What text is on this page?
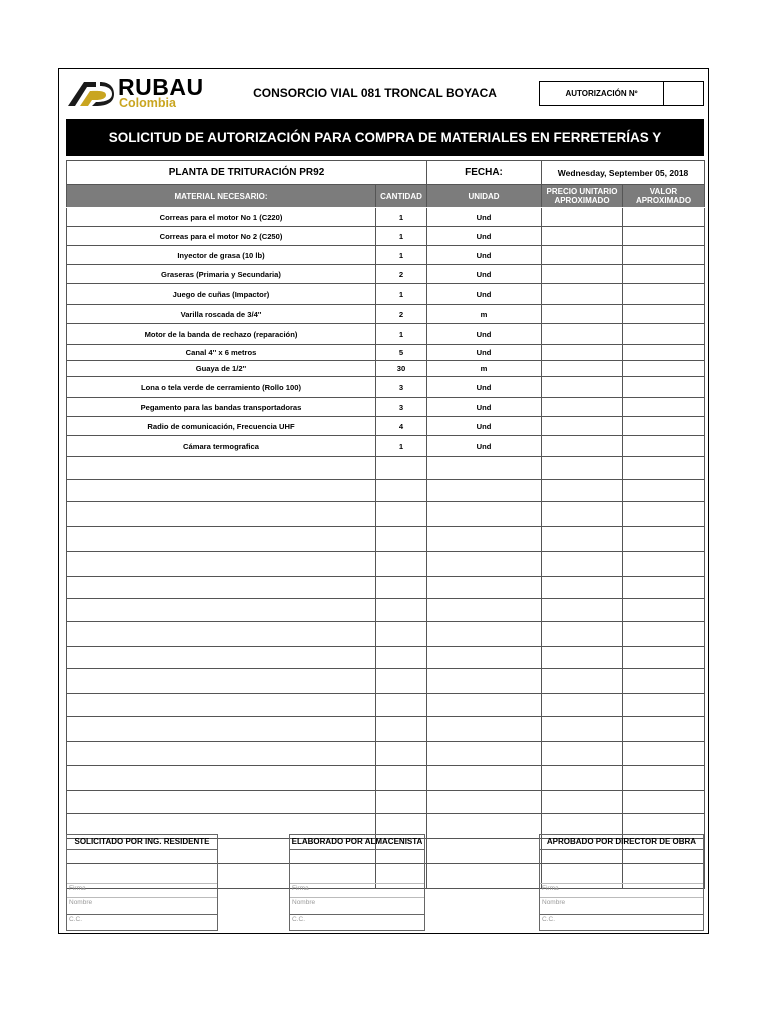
RUBAU
Colombia
CONSORCIO VIAL 081 TRONCAL BOYACA	AUTORIZACIÓN Nº
SOLICITUD DE AUTORIZACIÓN PARA COMPRA DE MATERIALES EN FERRETERÍAS Y ALMACENES
PLANTA DE TRITURACIÓN PR92		FECHA:	Wednesday, September 05, 2018	
MATERIAL NECESARIO:	CANTIDAD	UNIDAD	PRECIO UNITARIO APROXIMADO	VALOR APROXIMADO
Correas para el motor No 1 (C220)	1	Und		
Correas para el motor No 2 (C250)	1	Und		
Inyector de grasa (10 lb)	1	Und		
Graseras (Primaria y Secundaria)	2	Und		
Juego de cuñas (Impactor)	1	Und		
Varilla roscada de 3/4''	2	m		
Motor de la banda de rechazo (reparación)	1	Und		
Canal 4'' x 6 metros	5	Und		
Guaya de 1/2''	30	m		
Lona o tela verde de cerramiento (Rollo 100)	3	Und		
Pegamento para las bandas transportadoras	3	Und		
Radio de comunicación, Frecuencia UHF	4	Und		
Cámara termografica	1	Und		

SOLICITADO POR ING. RESIDENTE
Firma
Nombre
C.C.
ELABORADO POR ALMACENISTA
Firma
Nombre
C.C.
APROBADO POR DIRECTOR DE OBRA
Firma
Nombre
C.C.
